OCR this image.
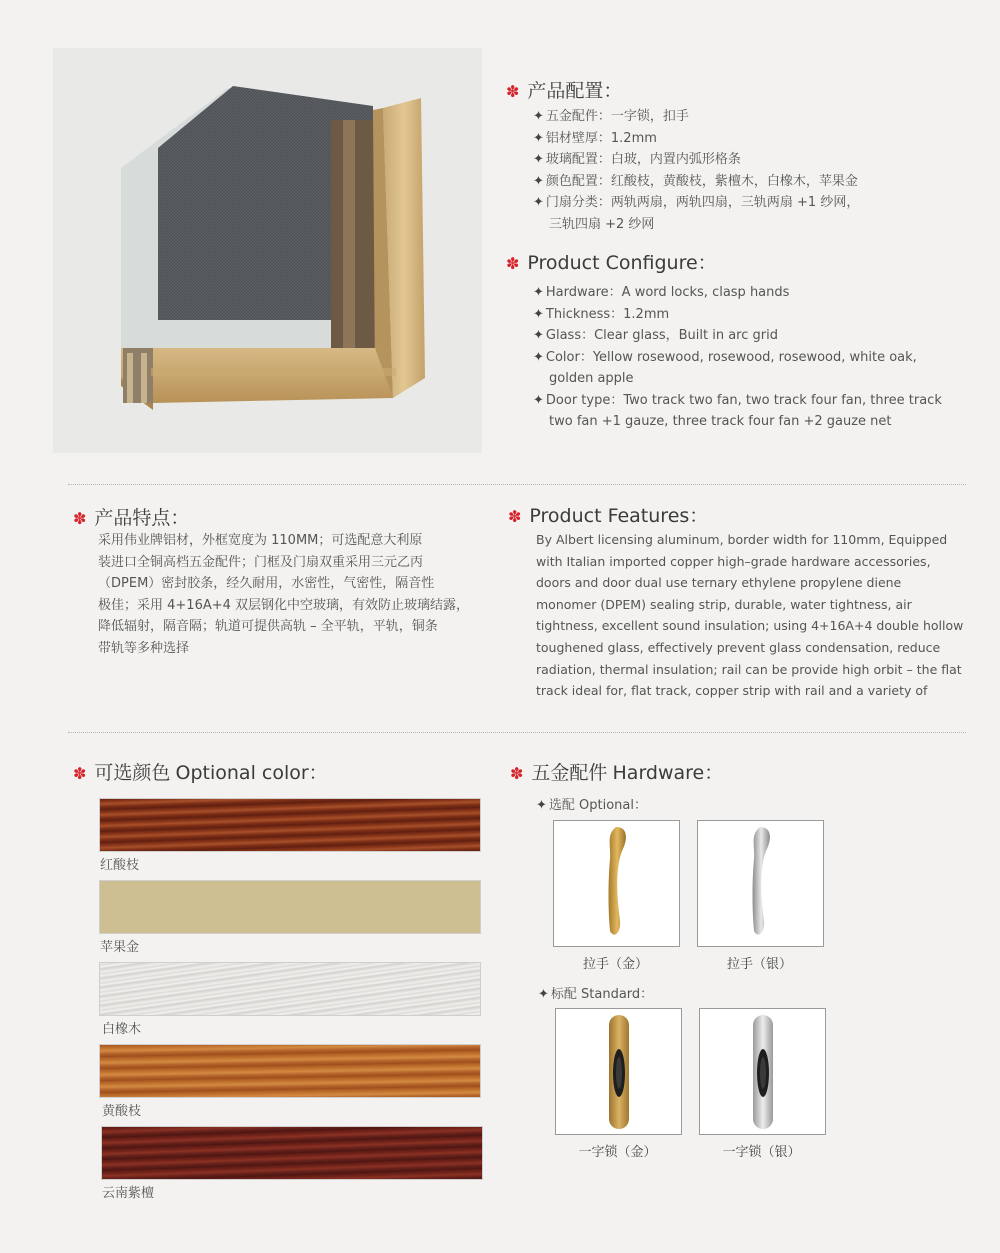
✽ 产品配置：
✦ 五金配件：一字锁，扣手
✦ 铝材壁厚：1.2mm
✦ 玻璃配置：白玻，内置内弧形格条
✦ 颜色配置：红酸枝，黄酸枝，紫檀木，白橡木，苹果金
✦ 门扇分类：两轨两扇，两轨四扇，三轨两扇 +1 纱网，
三轨四扇 +2 纱网
✽ Product Configure：
✦ Hardware：A word locks, clasp hands
✦ Thickness：1.2mm
✦ Glass：Clear glass，Built in arc grid
✦ Color：Yellow rosewood, rosewood, rosewood, white oak,
golden apple
✦ Door type：Two track two fan, two track four fan, three track
two fan +1 gauze, three track four fan +2 gauze net
✽ 产品特点：
采用伟业牌铝材，外框宽度为 110MM；可选配意大利原
装进口全铜高档五金配件；门框及门扇双重采用三元乙丙
（DPEM）密封胶条，经久耐用，水密性，气密性，隔音性
极佳；采用 4+16A+4 双层钢化中空玻璃，有效防止玻璃结露，
降低辐射，隔音隔；轨道可提供高轨 – 全平轨，平轨，铜条
带轨等多种选择
✽ Product Features：
By Albert licensing aluminum, border width for 110mm, Equipped
with Italian imported copper high–grade hardware accessories,
doors and door dual use ternary ethylene propylene diene
monomer (DPEM) sealing strip, durable, water tightness, air
tightness, excellent sound insulation; using 4+16A+4 double hollow
toughened glass, effectively prevent glass condensation, reduce
radiation, thermal insulation; rail can be provide high orbit – the flat
track ideal for, flat track, copper strip with rail and a variety of
✽ 可选颜色 Optional color：
红酸枝
苹果金
白橡木
黄酸枝
云南紫檀
✽ 五金配件 Hardware：
✦ 选配 Optional：
拉手（金）	拉手（银）
✦ 标配 Standard：
一字锁（金）	一字锁（银）
